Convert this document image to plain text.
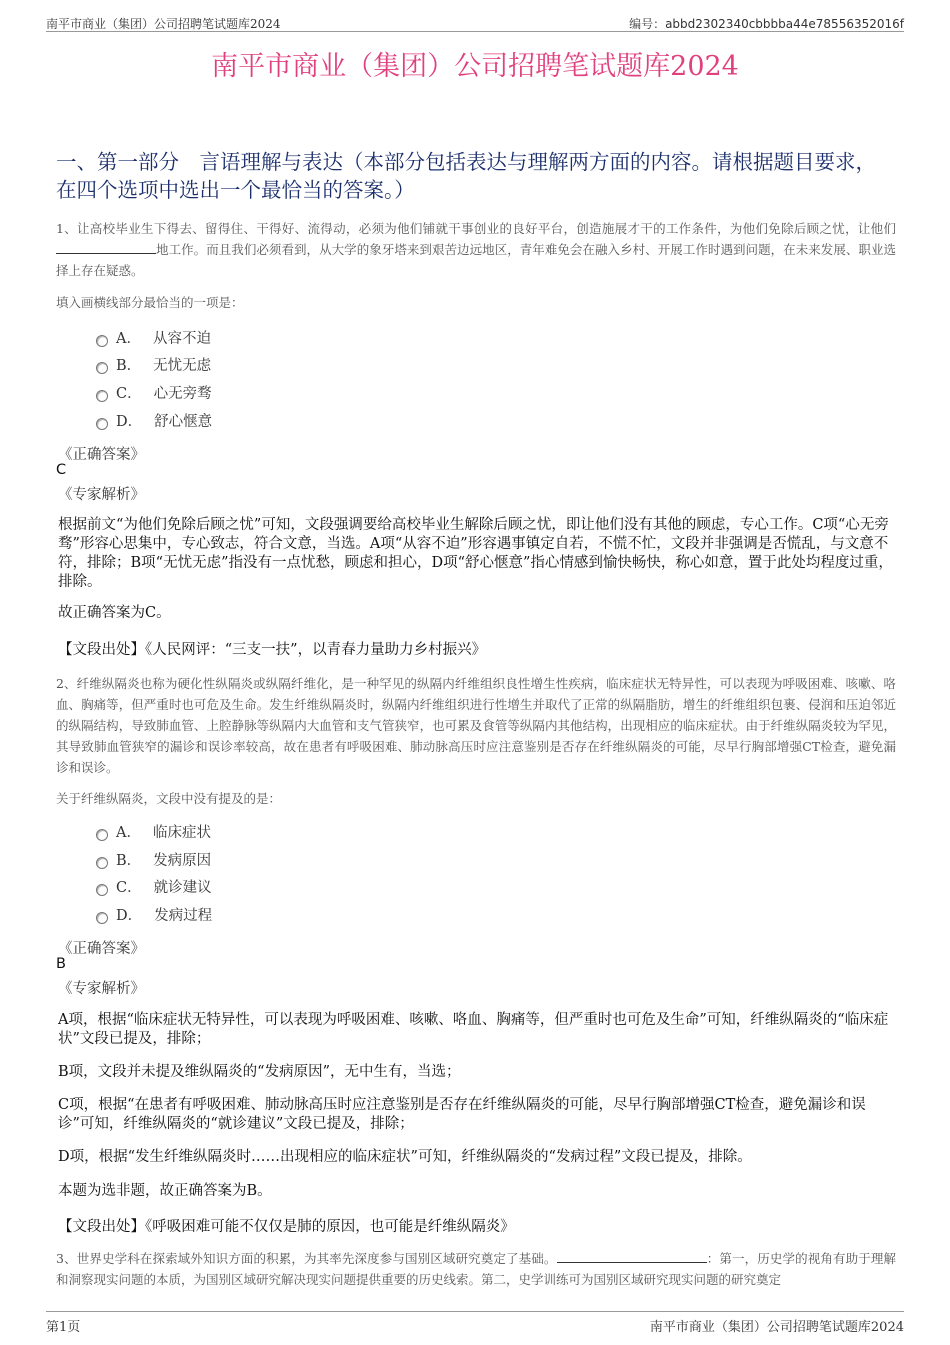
南平市商业（集团）公司招聘笔试题库2024	编号：abbd2302340cbbbba44e78556352016f
南平市商业（集团）公司招聘笔试题库2024
一、第一部分　言语理解与表达（本部分包括表达与理解两方面的内容。请根据题目要求，在四个选项中选出一个最恰当的答案。）
1、让高校毕业生下得去、留得住、干得好、流得动，必须为他们铺就干事创业的良好平台，创造施展才干的工作条件，为他们免除后顾之忧，让他们地工作。而且我们必须看到，从大学的象牙塔来到艰苦边远地区，青年难免会在融入乡村、开展工作时遇到问题，在未来发展、职业选择上存在疑惑。
填入画横线部分最恰当的一项是：
A． 从容不迫
B． 无忧无虑
C． 心无旁骛
D． 舒心惬意
《正确答案》
C
《专家解析》
根据前文“为他们免除后顾之忧”可知，文段强调要给高校毕业生解除后顾之忧，即让他们没有其他的顾虑，专心工作。C项“心无旁骛”形容心思集中，专心致志，符合文意，当选。A项“从容不迫”形容遇事镇定自若，不慌不忙，文段并非强调是否慌乱，与文意不符，排除；B项“无忧无虑”指没有一点忧愁，顾虑和担心，D项“舒心惬意”指心情感到愉快畅快，称心如意，置于此处均程度过重，排除。
故正确答案为C。
【文段出处】《人民网评：“三支一扶”，以青春力量助力乡村振兴》
2、纤维纵隔炎也称为硬化性纵隔炎或纵隔纤维化，是一种罕见的纵隔内纤维组织良性增生性疾病，临床症状无特异性，可以表现为呼吸困难、咳嗽、咯血、胸痛等，但严重时也可危及生命。发生纤维纵隔炎时，纵隔内纤维组织进行性增生并取代了正常的纵隔脂肪，增生的纤维组织包裹、侵润和压迫邻近的纵隔结构，导致肺血管、上腔静脉等纵隔内大血管和支气管狭窄，也可累及食管等纵隔内其他结构，出现相应的临床症状。由于纤维纵隔炎较为罕见，其导致肺血管狭窄的漏诊和误诊率较高，故在患者有呼吸困难、肺动脉高压时应注意鉴别是否存在纤维纵隔炎的可能，尽早行胸部增强CT检查，避免漏诊和误诊。
关于纤维纵隔炎，文段中没有提及的是：
A． 临床症状
B． 发病原因
C． 就诊建议
D． 发病过程
《正确答案》
B
《专家解析》
A项，根据“临床症状无特异性，可以表现为呼吸困难、咳嗽、咯血、胸痛等，但严重时也可危及生命”可知，纤维纵隔炎的“临床症状”文段已提及，排除；
B项，文段并未提及维纵隔炎的“发病原因”，无中生有，当选；
C项，根据“在患者有呼吸困难、肺动脉高压时应注意鉴别是否存在纤维纵隔炎的可能，尽早行胸部增强CT检查，避免漏诊和误诊”可知，纤维纵隔炎的“就诊建议”文段已提及，排除；
D项，根据“发生纤维纵隔炎时……出现相应的临床症状”可知，纤维纵隔炎的“发病过程”文段已提及，排除。
本题为选非题，故正确答案为B。
【文段出处】《呼吸困难可能不仅仅是肺的原因，也可能是纤维纵隔炎》
3、世界史学科在探索域外知识方面的积累，为其率先深度参与国别区域研究奠定了基础。	：第一，历史学的视角有助于理解和洞察现实问题的本质，为国别区域研究解决现实问题提供重要的历史线索。第二，史学训练可为国别区域研究现实问题的研究奠定
第1页	南平市商业（集团）公司招聘笔试题库2024
